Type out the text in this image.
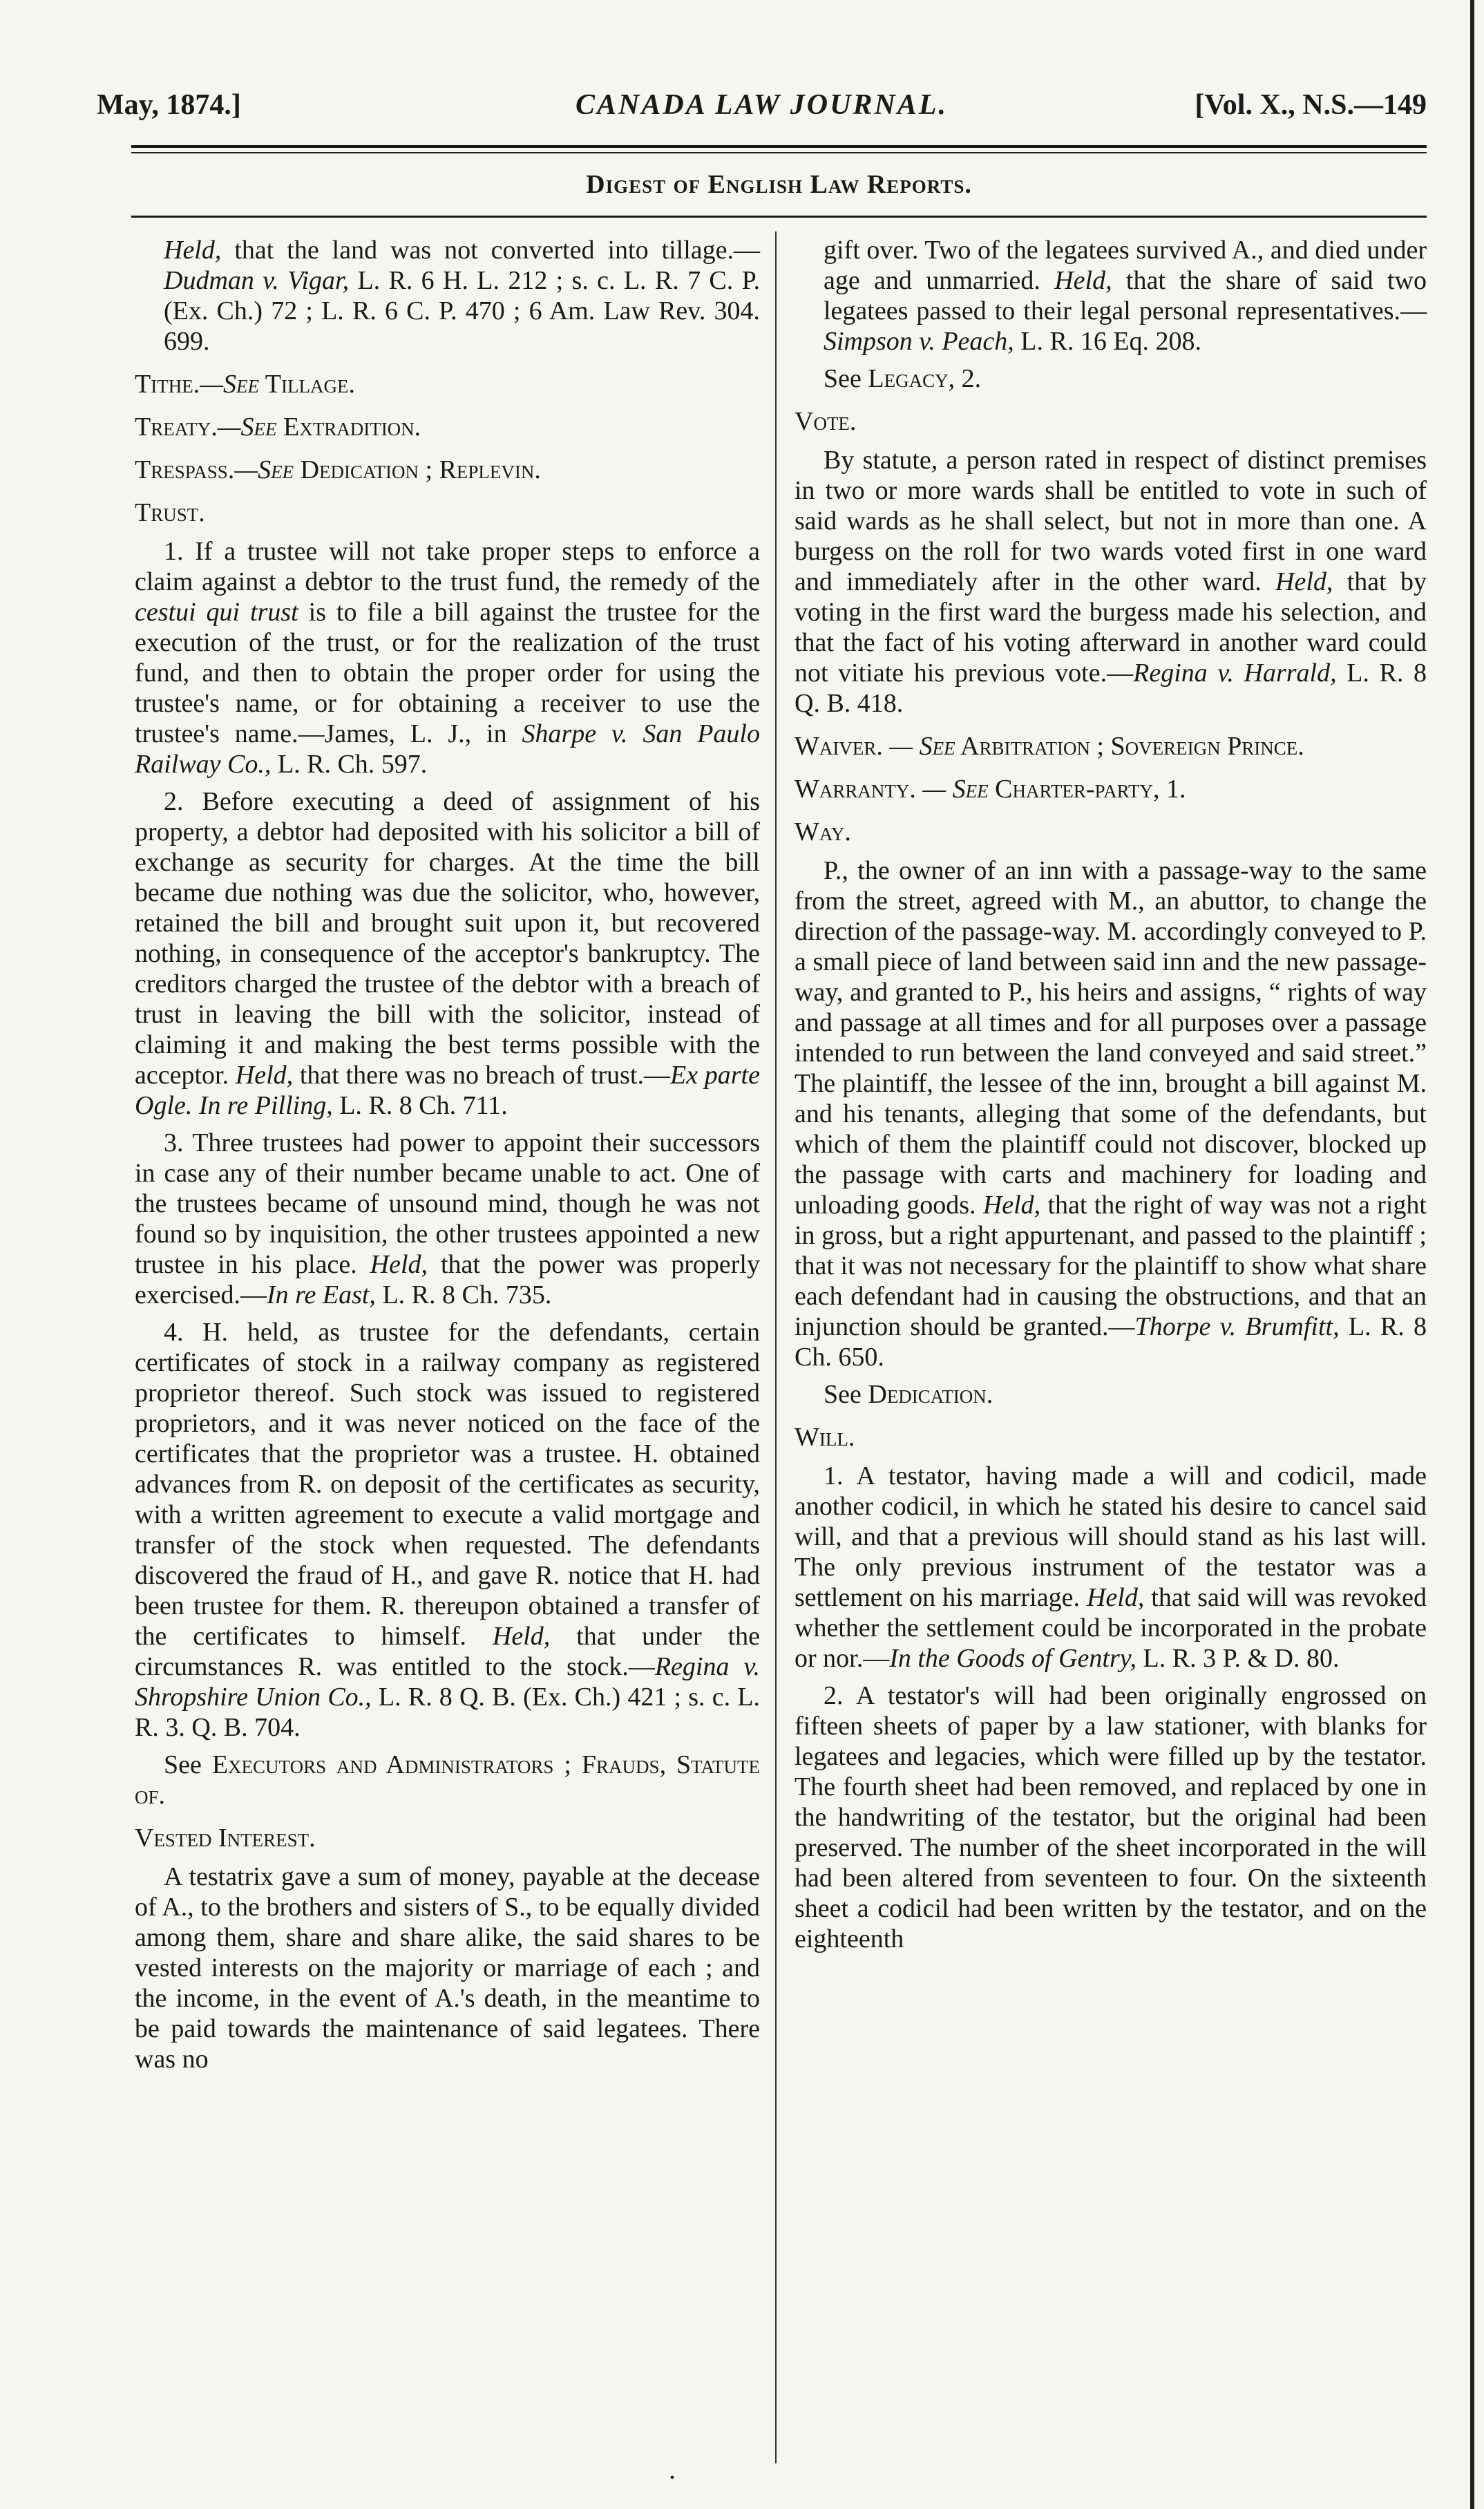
May, 1874.]	CANADA LAW JOURNAL.	[Vol. X., N.S.—149
Digest of English Law Reports.

Held, that the land was not converted into tillage.—Dudman v. Vigar, L. R. 6 H. L. 212 ; s. c. L. R. 7 C. P. (Ex. Ch.) 72 ; L. R. 6 C. P. 470 ; 6 Am. Law Rev. 304. 699.

Tithe.—See Tillage.

Treaty.—See Extradition.

Trespass.—See Dedication ; Replevin.

Trust.

1. If a trustee will not take proper steps to enforce a claim against a debtor to the trust fund, the remedy of the cestui qui trust is to file a bill against the trustee for the execution of the trust, or for the realization of the trust fund, and then to obtain the proper order for using the trustee's name, or for obtaining a receiver to use the trustee's name.—James, L. J., in Sharpe v. San Paulo Railway Co., L. R. Ch. 597.

2. Before executing a deed of assignment of his property, a debtor had deposited with his solicitor a bill of exchange as security for charges. At the time the bill became due nothing was due the solicitor, who, however, retained the bill and brought suit upon it, but recovered nothing, in consequence of the acceptor's bankruptcy. The creditors charged the trustee of the debtor with a breach of trust in leaving the bill with the solicitor, instead of claiming it and making the best terms possible with the acceptor. Held, that there was no breach of trust.—Ex parte Ogle. In re Pilling, L. R. 8 Ch. 711.

3. Three trustees had power to appoint their successors in case any of their number became unable to act. One of the trustees became of unsound mind, though he was not found so by inquisition, the other trustees appointed a new trustee in his place. Held, that the power was properly exercised.—In re East, L. R. 8 Ch. 735.

4. H. held, as trustee for the defendants, certain certificates of stock in a railway company as registered proprietor thereof. Such stock was issued to registered proprietors, and it was never noticed on the face of the certificates that the proprietor was a trustee. H. obtained advances from R. on deposit of the certificates as security, with a written agreement to execute a valid mortgage and transfer of the stock when requested. The defendants discovered the fraud of H., and gave R. notice that H. had been trustee for them. R. thereupon obtained a transfer of the certificates to himself. Held, that under the circumstances R. was entitled to the stock.—Regina v. Shropshire Union Co., L. R. 8 Q. B. (Ex. Ch.) 421 ; s. c. L. R. 3. Q. B. 704.

See Executors and Administrators ; Frauds, Statute of.

Vested Interest.

A testatrix gave a sum of money, payable at the decease of A., to the brothers and sisters of S., to be equally divided among them, share and share alike, the said shares to be vested interests on the majority or marriage of each ; and the income, in the event of A.'s death, in the meantime to be paid towards the maintenance of said legatees. There was no

gift over. Two of the legatees survived A., and died under age and unmarried. Held, that the share of said two legatees passed to their legal personal representatives.—Simpson v. Peach, L. R. 16 Eq. 208.

See Legacy, 2.

Vote.

By statute, a person rated in respect of distinct premises in two or more wards shall be entitled to vote in such of said wards as he shall select, but not in more than one. A burgess on the roll for two wards voted first in one ward and immediately after in the other ward. Held, that by voting in the first ward the burgess made his selection, and that the fact of his voting afterward in another ward could not vitiate his previous vote.—Regina v. Harrald, L. R. 8 Q. B. 418.

Waiver. — See Arbitration ; Sovereign Prince.

Warranty. — See Charter-party, 1.

Way.

P., the owner of an inn with a passage-way to the same from the street, agreed with M., an abuttor, to change the direction of the passage-way. M. accordingly conveyed to P. a small piece of land between said inn and the new passage-way, and granted to P., his heirs and assigns, “ rights of way and passage at all times and for all purposes over a passage intended to run between the land conveyed and said street.” The plaintiff, the lessee of the inn, brought a bill against M. and his tenants, alleging that some of the defendants, but which of them the plaintiff could not discover, blocked up the passage with carts and machinery for loading and unloading goods. Held, that the right of way was not a right in gross, but a right appurtenant, and passed to the plaintiff ; that it was not necessary for the plaintiff to show what share each defendant had in causing the obstructions, and that an injunction should be granted.—Thorpe v. Brumfitt, L. R. 8 Ch. 650.

See Dedication.

Will.

1. A testator, having made a will and codicil, made another codicil, in which he stated his desire to cancel said will, and that a previous will should stand as his last will. The only previous instrument of the testator was a settlement on his marriage. Held, that said will was revoked whether the settlement could be incorporated in the probate or nor.—In the Goods of Gentry, L. R. 3 P. & D. 80.

2. A testator's will had been originally engrossed on fifteen sheets of paper by a law stationer, with blanks for legatees and legacies, which were filled up by the testator. The fourth sheet had been removed, and replaced by one in the handwriting of the testator, but the original had been preserved. The number of the sheet incorporated in the will had been altered from seventeen to four. On the sixteenth sheet a codicil had been written by the testator, and on the eighteenth

.
